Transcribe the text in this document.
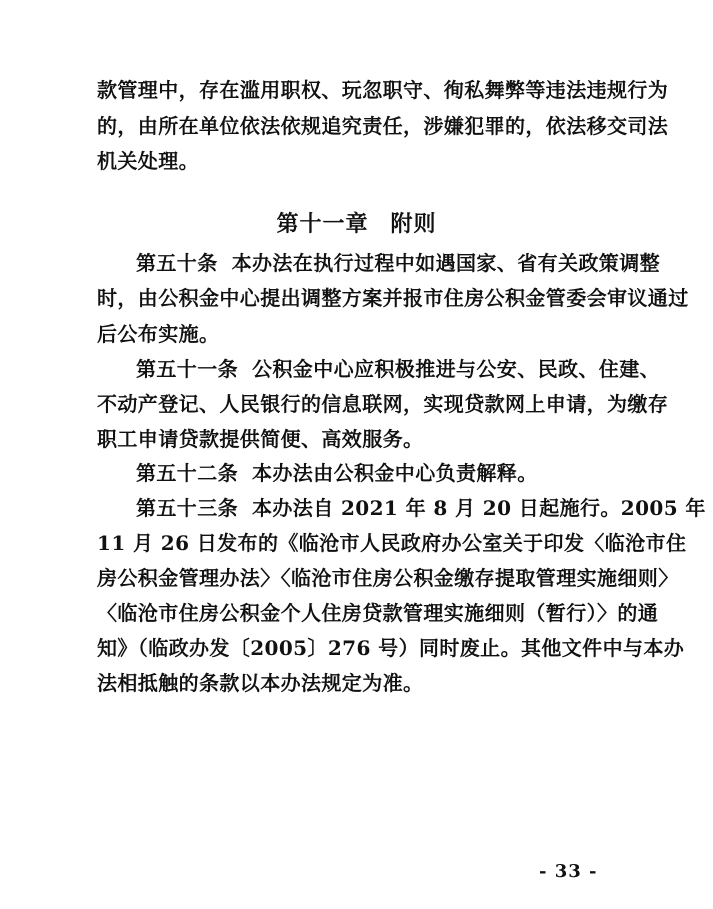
款管理中，存在滥用职权、玩忽职守、徇私舞弊等违法违规行为
的，由所在单位依法依规追究责任，涉嫌犯罪的，依法移交司法
机关处理。
第十一章 附则
第五十条 本办法在执行过程中如遇国家、省有关政策调整
时，由公积金中心提出调整方案并报市住房公积金管委会审议通过
后公布实施。
第五十一条 公积金中心应积极推进与公安、民政、住建、
不动产登记、人民银行的信息联网，实现贷款网上申请，为缴存
职工申请贷款提供简便、高效服务。
第五十二条 本办法由公积金中心负责解释。
第五十三条 本办法自 2021 年 8 月 20 日起施行。2005 年
11 月 26 日发布的《临沧市人民政府办公室关于印发〈临沧市住
房公积金管理办法〉〈临沧市住房公积金缴存提取管理实施细则〉
〈临沧市住房公积金个人住房贷款管理实施细则（暂行）〉的通
知》（临政办发〔2005〕276 号）同时废止。其他文件中与本办
法相抵触的条款以本办法规定为准。
- 33 -
